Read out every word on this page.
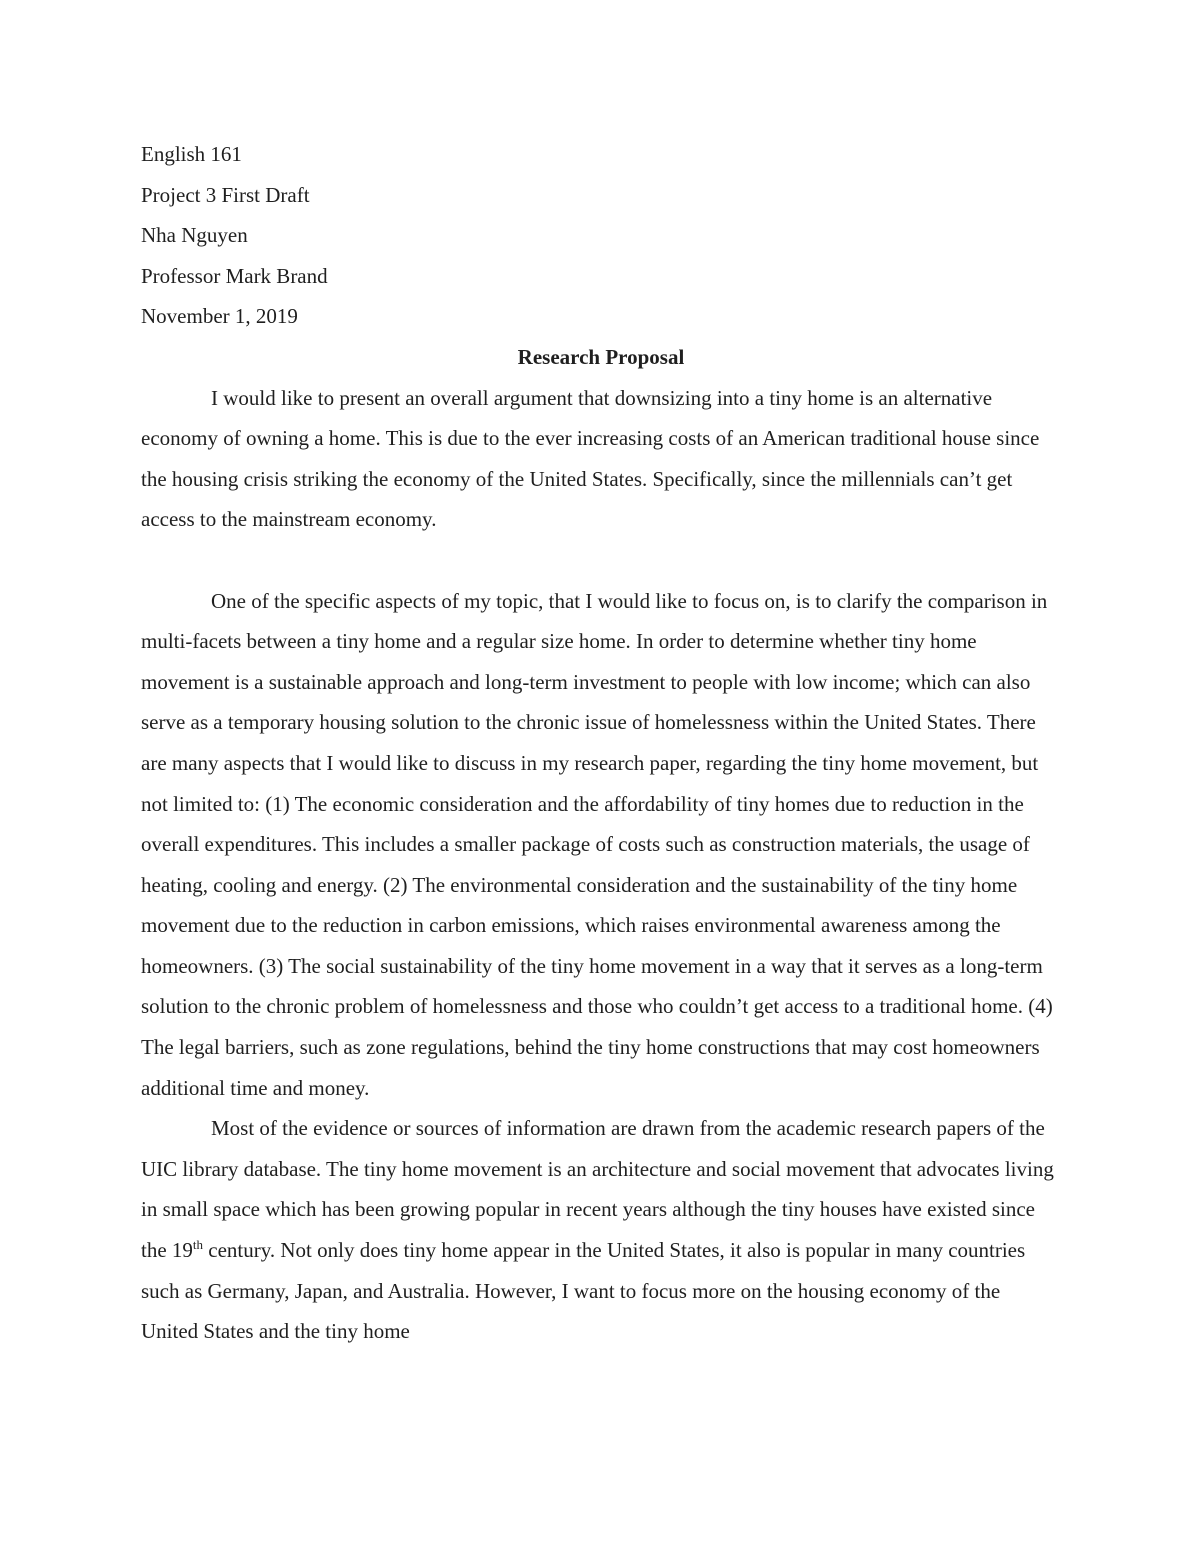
English 161

Project 3 First Draft

Nha Nguyen

Professor Mark Brand

November 1, 2019

Research Proposal

I would like to present an overall argument that downsizing into a tiny home is an alternative economy of owning a home. This is due to the ever increasing costs of an American traditional house since the housing crisis striking the economy of the United States. Specifically, since the millennials can’t get access to the mainstream economy.

One of the specific aspects of my topic, that I would like to focus on, is to clarify the comparison in multi-facets between a tiny home and a regular size home. In order to determine whether tiny home movement is a sustainable approach and long-term investment to people with low income; which can also serve as a temporary housing solution to the chronic issue of homelessness within the United States. There are many aspects that I would like to discuss in my research paper, regarding the tiny home movement, but not limited to: (1) The economic consideration and the affordability of tiny homes due to reduction in the overall expenditures. This includes a smaller package of costs such as construction materials, the usage of heating, cooling and energy. (2) The environmental consideration and the sustainability of the tiny home movement due to the reduction in carbon emissions, which raises environmental awareness among the homeowners. (3) The social sustainability of the tiny home movement in a way that it serves as a long-term solution to the chronic problem of homelessness and those who couldn’t get access to a traditional home. (4) The legal barriers, such as zone regulations, behind the tiny home constructions that may cost homeowners additional time and money.

Most of the evidence or sources of information are drawn from the academic research papers of the UIC library database. The tiny home movement is an architecture and social movement that advocates living in small space which has been growing popular in recent years although the tiny houses have existed since the 19th century. Not only does tiny home appear in the United States, it also is popular in many countries such as Germany, Japan, and Australia. However, I want to focus more on the housing economy of the United States and the tiny home
